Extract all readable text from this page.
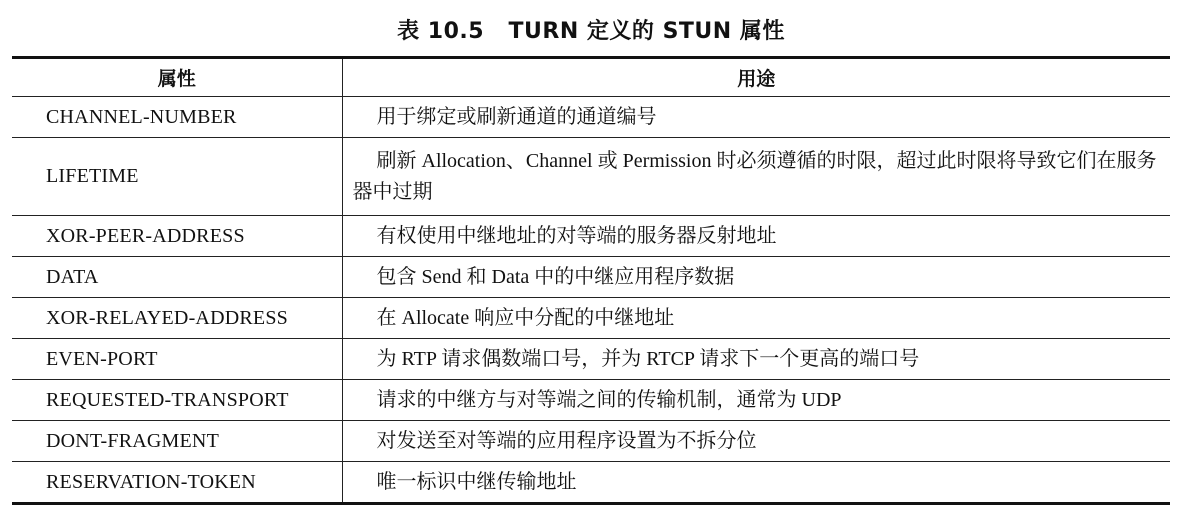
表 10.5   TURN 定义的 STUN 属性
属性	用途
CHANNEL-NUMBER	用于绑定或刷新通道的通道编号
LIFETIME	刷新 Allocation、Channel 或 Permission 时必须遵循的时限，超过此时限将导致它们在服务器中过期
XOR-PEER-ADDRESS	有权使用中继地址的对等端的服务器反射地址
DATA	包含 Send 和 Data 中的中继应用程序数据
XOR-RELAYED-ADDRESS	在 Allocate 响应中分配的中继地址
EVEN-PORT	为 RTP 请求偶数端口号，并为 RTCP 请求下一个更高的端口号
REQUESTED-TRANSPORT	请求的中继方与对等端之间的传输机制，通常为 UDP
DONT-FRAGMENT	对发送至对等端的应用程序设置为不拆分位
RESERVATION-TOKEN	唯一标识中继传输地址
